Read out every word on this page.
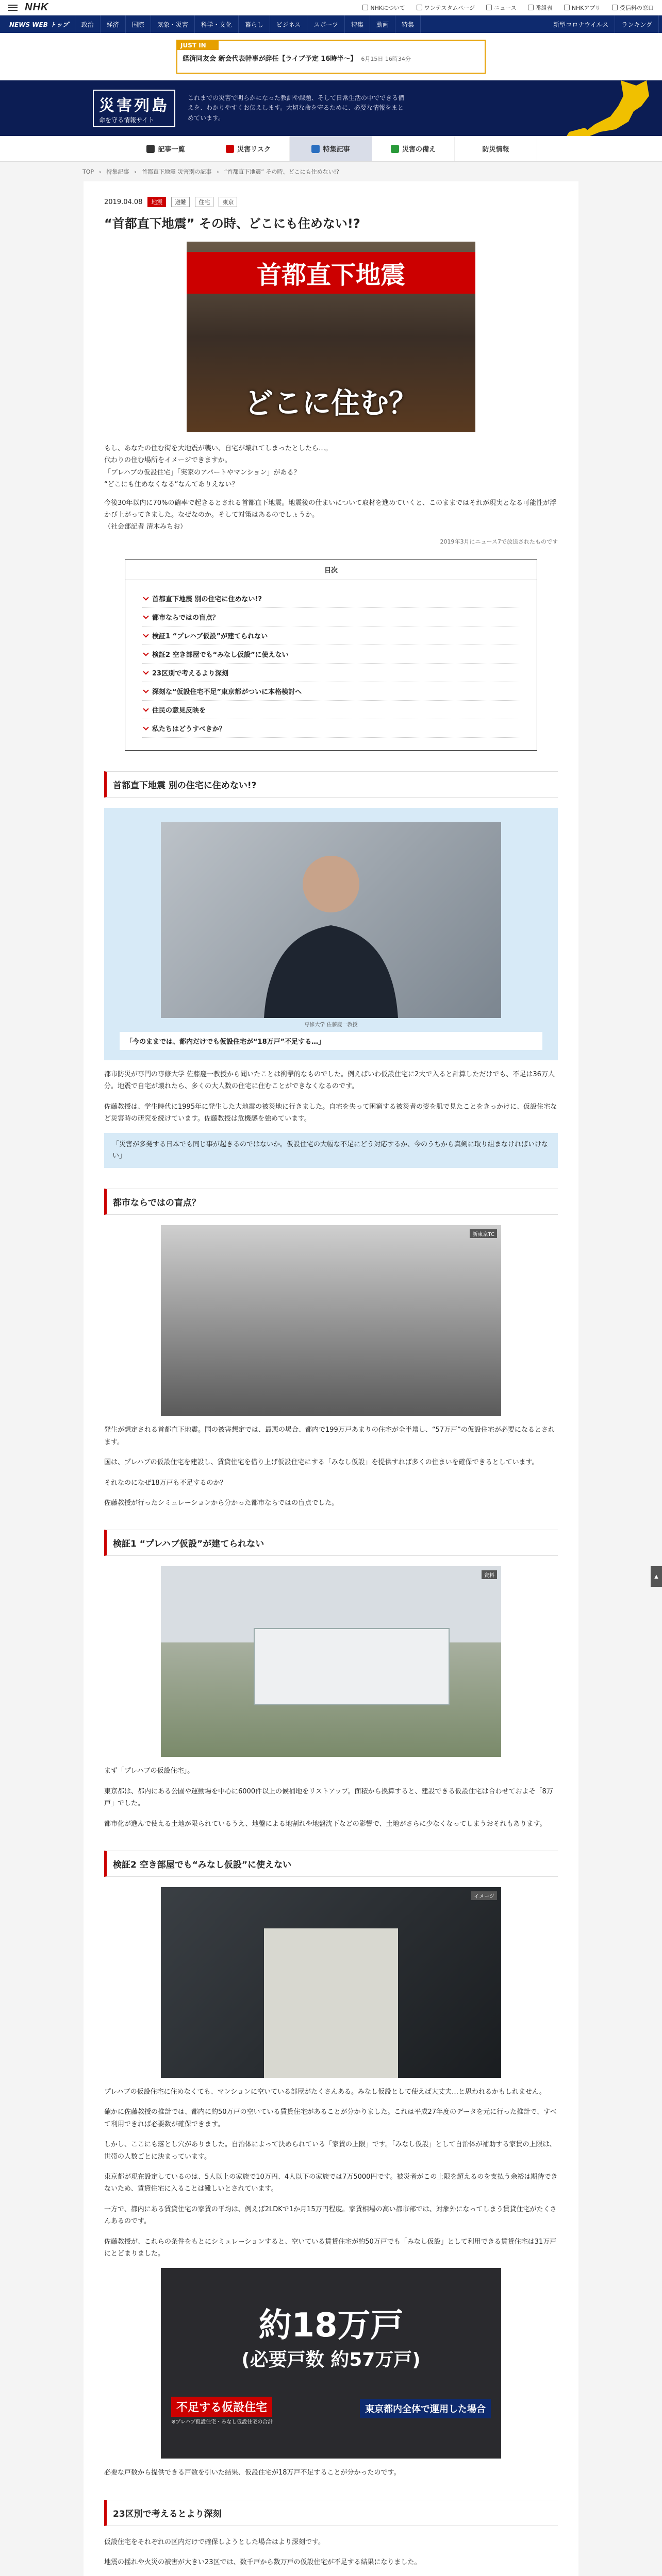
NHK	NHKについて	ワンテスタムページ	ニュース	番組表	NHKアプリ	受信料の窓口
NEWS WEB トップ	政治	経済	国際	気象・災害	科学・文化	暮らし	ビジネス	スポーツ	特集	動画	特集	新型コロナウイルス	ランキング
JUST IN
経済同友会 新会代表幹事が辞任【ライブ予定 16時半〜】 6月15日 16時34分
災害列島
命を守る情報サイト
これまでの災害で明らかになった教訓や課題、そして日常生活の中でできる備えを、わかりやすくお伝えします。大切な命を守るために、必要な情報をまとめています。
記事一覧	災害リスク	特集記事	災害の備え	防災情報
TOP › 特集記事 › 首都直下地震 災害別の記事 › “首都直下地震” その時、どこにも住めない!?
2019.04.08	地震	避難	住宅	東京
“首都直下地震” その時、どこにも住めない!?
首都直下地震
どこに住む？
もし、あなたの住む街を大地震が襲い、自宅が壊れてしまったとしたら…。
代わりの住む場所をイメージできますか。
「プレハブの仮設住宅」「実家のアパートやマンション」がある？
“どこにも住めなくなる”なんてありえない？
今後30年以内に70%の確率で起きるとされる首都直下地震。地震後の仕まいについて取材を進めていくと、このままではそれが現実となる可能性が浮かび上がってきました。なぜなのか。そして対策はあるのでしょうか。
（社会部記者 清木みちお）
2019年3月にニュース7で放送されたものです
目次
首都直下地震 別の住宅に住めない!?
都市ならではの盲点？
検証1 “プレハブ仮設”が建てられない
検証2 空き部屋でも“みなし仮設”に使えない
23区別で考えるより深刻
深刻な“仮設住宅不足”東京都がついに本格検討へ
住民の意見反映を
私たちはどうすべきか？
首都直下地震 別の住宅に住めない!?
専修大学 佐藤慶一教授
「今のままでは、都内だけでも仮設住宅が“18万戸”不足する…」

都市防災が専門の専修大学 佐藤慶一教授から聞いたことは衝撃的なものでした。例えばいわ仮設住宅に2大で入ると計算しただけでも、不足は36万人分。地震で自宅が壊れたら、多くの大人数の住宅に住むことができなくなるのです。

佐藤教授は、学生時代に1995年に発生した大地震の被災地に行きました。自宅を失って困窮する被災者の姿を肌で見たことをきっかけに、仮設住宅など災害時の研究を続けています。佐藤教授は危機感を強めています。

「災害が多発する日本でも同じ事が起きるのではないか。仮設住宅の大幅な不足にどう対応するか、今のうちから真剣に取り組まなければいけない」
都市ならではの盲点？
新東京TC

発生が想定される首都直下地震。国の被害想定では、最悪の場合、都内で199万戸あまりの住宅が全半壊し、“57万戸”の仮設住宅が必要になるとされます。

国は、プレハブの仮設住宅を建設し、賃貸住宅を借り上げ仮設住宅にする「みなし仮設」を提供すれば多くの住まいを確保できるとしています。

それなのになぜ18万戸も不足するのか？

佐藤教授が行ったシミュレーションから分かった都市ならではの盲点でした。

検証1 “プレハブ仮設”が建てられない
資料

まず「プレハブの仮設住宅」。

東京都は、都内にある公園や運動場を中心に6000件以上の候補地をリストアップ。面積から換算すると、建設できる仮設住宅は合わせておよそ「8万戸」でした。

都市化が進んで使える土地が限られているうえ、地盤による地割れや地盤沈下などの影響で、土地がさらに少なくなってしまうおそれもあります。

検証2 空き部屋でも“みなし仮設”に使えない
イメージ

プレハブの仮設住宅に住めなくても、マンションに空いている部屋がたくさんある。みなし仮設として使えば大丈夫…と思われるかもしれません。

確かに佐藤教授の推計では、都内に約50万戸の空いている賃貸住宅があることが分かりました。これは平成27年度のデータを元に行った推計で、すべて利用できれば必要数が確保できます。

しかし、ここにも落とし穴がありました。自治体によって決められている「家賃の上限」です。「みなし仮設」として自治体が補助する家賃の上限は、世帯の人数ごとに決まっています。

東京都が現在設定しているのは、5人以上の家族で10万円、4人以下の家族では7万5000円です。被災者がこの上限を超えるのを支払う余裕は期待できないため、賃貸住宅に入ることは難しいとされています。

一方で、都内にある賃貸住宅の家賃の平均は、例えば2LDKで1か月15万円程度。家賃相場の高い都市部では、対象外になってしまう賃貸住宅がたくさんあるのです。

佐藤教授が、これらの条件をもとにシミュレーションすると、空いている賃貸住宅が約50万戸でも「みなし仮設」として利用できる賃貸住宅は31万戸にとどまりました。

約18万戸
(必要戸数 約57万戸)
不足する仮設住宅
※プレハブ仮設住宅・みなし仮設住宅の合計
東京都内全体で運用した場合

必要な戸数から提供できる戸数を引いた結果、仮設住宅が18万戸不足することが分かったのです。

23区別で考えるとより深刻

仮設住宅をそれぞれの区内だけで確保しようとした場合はより深刻です。

地震の揺れや火災の被害が大きい23区では、数千戸から数万戸の仮設住宅が不足する結果になりました。

▲
